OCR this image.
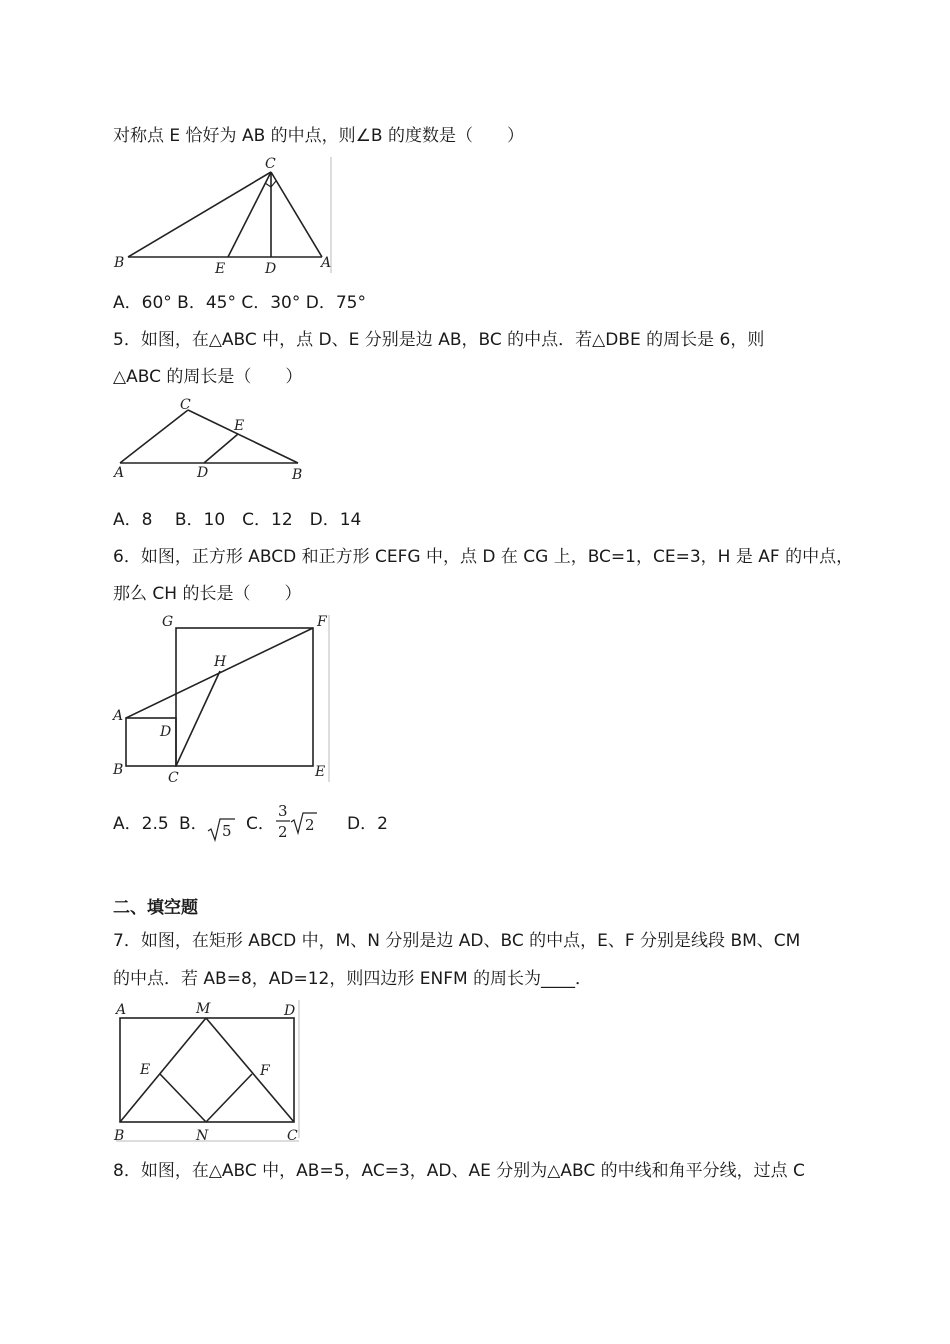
对称点 E 恰好为 AB 的中点，则∠B 的度数是（　　）
C
B	E	D	A
A．60° B．45° C．30° D．75°
5．如图，在△ABC 中，点 D、E 分别是边 AB，BC 的中点．若△DBE 的周长是 6，则
△ABC 的周长是（　　）
C
E
A	D	B
A．8　 B．10　C．12　D．14
6．如图，正方形 ABCD 和正方形 CEFG 中，点 D 在 CG 上，BC=1，CE=3，H 是 AF 的中点，
那么 CH 的长是（　　）
G	F
H
A
D
B	C	E
A．2.5 B． 5 C．
3
2 2 D．2
二、填空题
7．如图，在矩形 ABCD 中，M、N 分别是边 AD、BC 的中点，E、F 分别是线段 BM、CM
的中点．若 AB=8，AD=12，则四边形 ENFM 的周长为____．
A	M	D
E	F
B	N	C
8．如图，在△ABC 中，AB=5，AC=3，AD、AE 分别为△ABC 的中线和角平分线，过点 C
